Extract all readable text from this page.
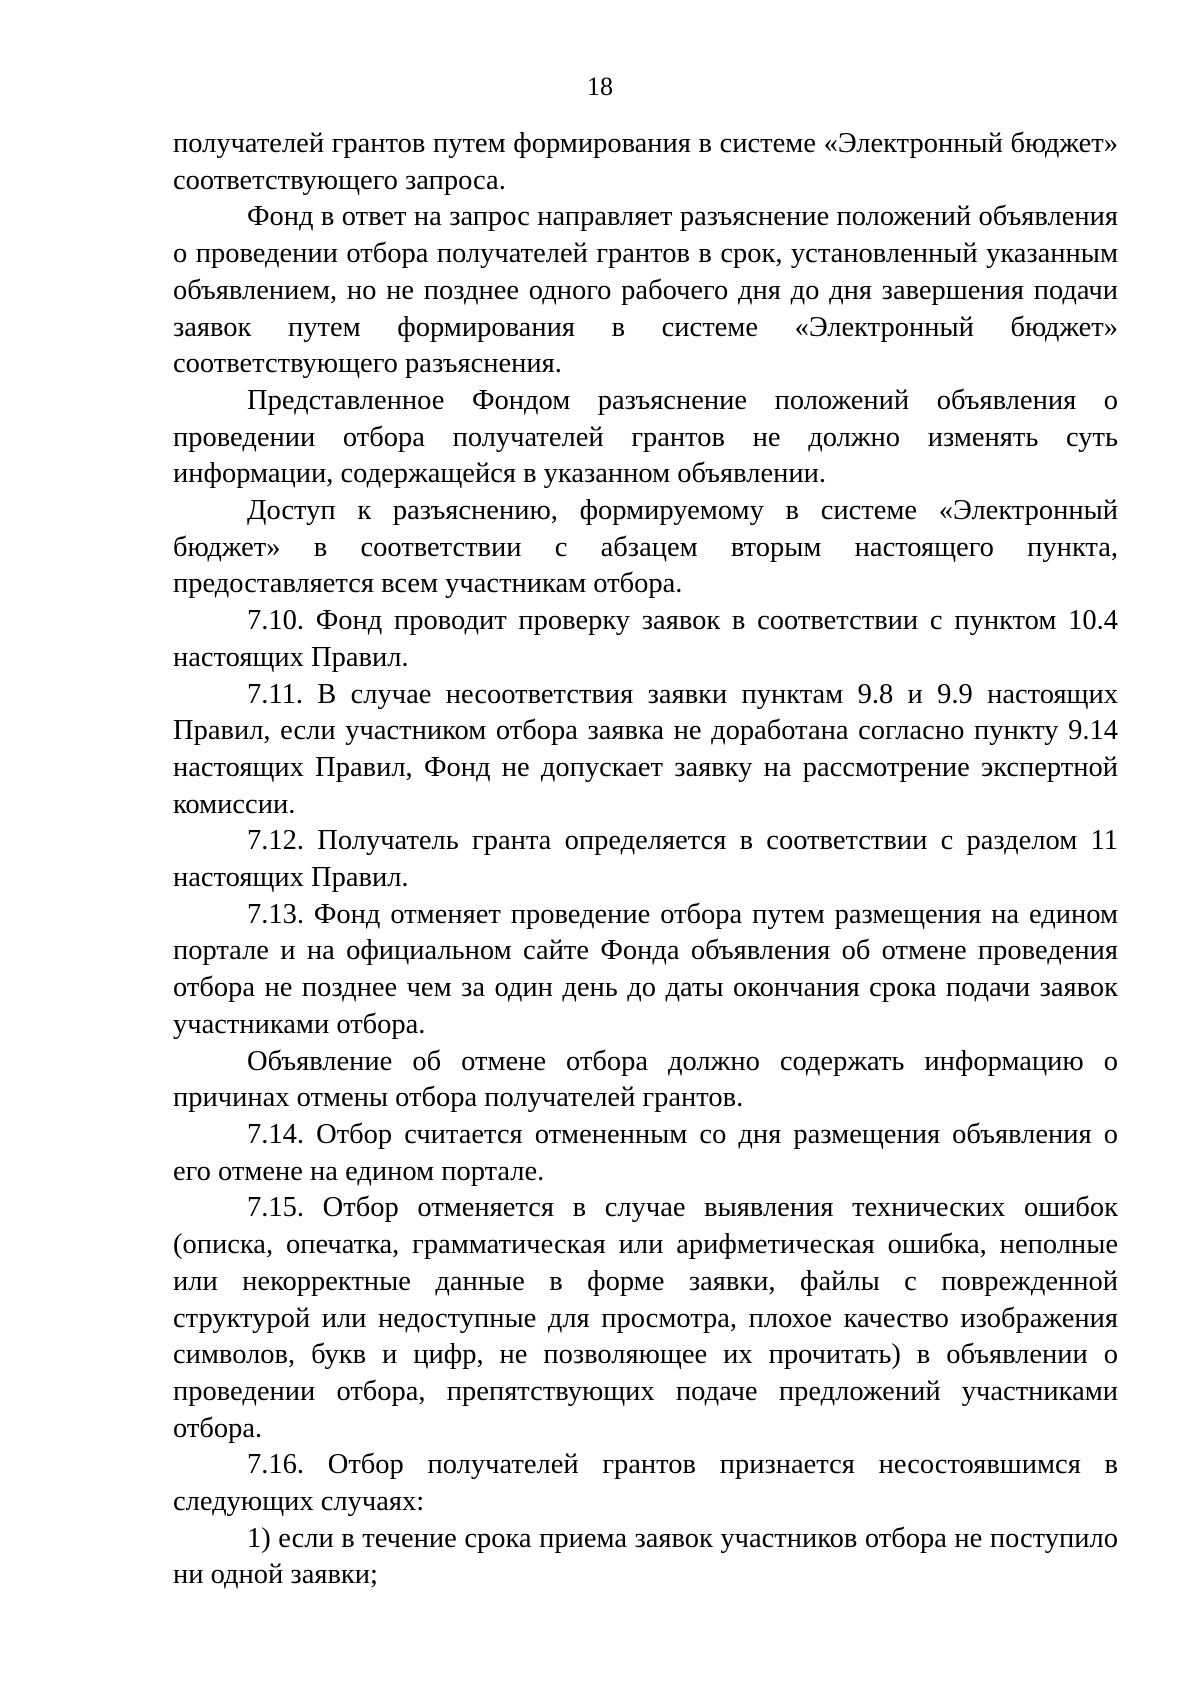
18

получателей грантов путем формирования в системе «Электронный бюджет» соответствующего запроса.

Фонд в ответ на запрос направляет разъяснение положений объявления о проведении отбора получателей грантов в срок, установленный указанным объявлением, но не позднее одного рабочего дня до дня завершения подачи заявок путем формирования в системе «Электронный бюджет» соответствующего разъяснения.

Представленное Фондом разъяснение положений объявления о проведении отбора получателей грантов не должно изменять суть информации, содержащейся в указанном объявлении.

Доступ к разъяснению, формируемому в системе «Электронный бюджет» в соответствии с абзацем вторым настоящего пункта, предоставляется всем участникам отбора.

7.10. Фонд проводит проверку заявок в соответствии с пунктом 10.4 настоящих Правил.

7.11. В случае несоответствия заявки пунктам 9.8 и 9.9 настоящих Правил, если участником отбора заявка не доработана согласно пункту 9.14 настоящих Правил, Фонд не допускает заявку на рассмотрение экспертной комиссии.

7.12. Получатель гранта определяется в соответствии с разделом 11 настоящих Правил.

7.13. Фонд отменяет проведение отбора путем размещения на едином портале и на официальном сайте Фонда объявления об отмене проведения отбора не позднее чем за один день до даты окончания срока подачи заявок участниками отбора.

Объявление об отмене отбора должно содержать информацию о причинах отмены отбора получателей грантов.

7.14. Отбор считается отмененным со дня размещения объявления о его отмене на едином портале.

7.15. Отбор отменяется в случае выявления технических ошибок (описка, опечатка, грамматическая или арифметическая ошибка, неполные или некорректные данные в форме заявки, файлы с поврежденной структурой или недоступные для просмотра, плохое качество изображения символов, букв и цифр, не позволяющее их прочитать) в объявлении о проведении отбора, препятствующих подаче предложений участниками отбора.

7.16. Отбор получателей грантов признается несостоявшимся в следующих случаях:

1) если в течение срока приема заявок участников отбора не поступило ни одной заявки;
